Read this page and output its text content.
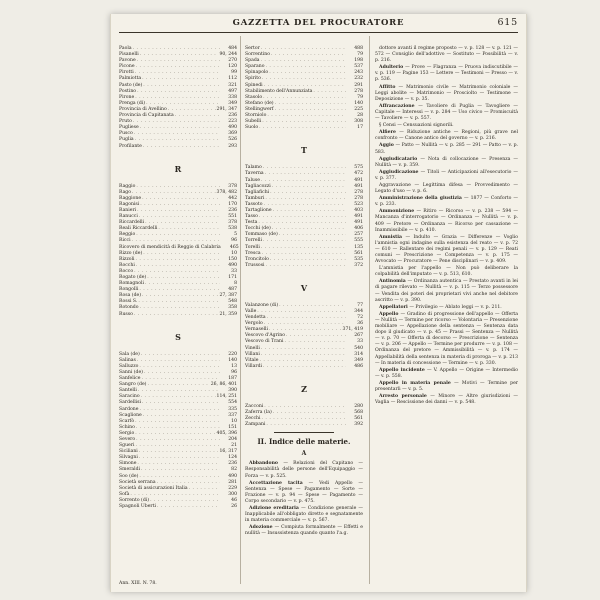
GAZZETTA DEL PROCURATORE	615
Paola . . .	484
Pisanelli . . .	90, 244
Pavone . . .	270
Picone . . .	120
Pirotti . . .	99
Palmiotta . . .	112
Pasto (de) . . .	321
Postino . . .	497
Pirone . . .	338
Prenga (di) . . .	349
Provincia di Avellino . . .	291, 347
Provincia di Capitanata . . .	236
Pruto . . .	223
Pugliese . . .	490
Pusco . . .	369
Puglia . . .	526
Profilante . . .	293
R
Raggio . . .	378
Rago . . .	378, 482
Raggione . . .	442
Ragonisi . . .	170
Ranieri . . .	236
Ranucci . . .	551
Riccardelli . . .	378
Reali Riccardelli . . .	538
Reggio . . .	5
Ricci . . .	96
Ricovero di mendicità di Reggio di Calabria	465
Rizzo (de) . . .	10
Rizzoli . . .	150
Rocchi . . .	490
Rocco . . .	33
Rogato (de) . . .	171
Romagnoli . . .	8
Rongolli . . .	487
Rosa (de) . . .	27, 387
Rossi S. . . .	548
Rotondo . . .	358
Russo . . .	21, 359
S
Sala (de) . . .	220
Salinas . . .	140
Salluzzo . . .	13
Sanni (de) . . .	96
Sanfelice . . .	187
Sangro (de) . . .	26, 86, 401
Santelli . . .	390
Saracino . . .	114, 251
Sardellisi . . .	554
Sardone . . .	335
Scaglione . . .	337
Scarfò . . .	10
Schino . . .	151
Sergio . . .	405, 396
Severo . . .	204
Sgueri . . .	21
Siciliani . . .	16, 317
Silvagni . . .	124
Simone . . .	236
Smeraldi . . .	82
Soo (de) . . .	490
Società serrana . . .	281
Società di assicurazioni Italia . . .	229
Sofà . . .	300
Sorrento (di) . . .	46
Spagnoli Uberti . . .	26
Sertor . . .	488
Sorrentino . . .	79
Spada . . .	198
Sparano . . .	537
Spinapolo . . .	243
Spirito . . .	232
Spinedi . . .	291
Stabilimento dell'Annunziata . . .	278
Stasolo . . .	79
Stefano (de) . . .	140
Stellingwerf . . .	225
Storniolo . . .	28
Subelli . . .	308
Suolo . . .	17
T
Talamo . . .	575
Taverna . . .	472
Taluse . . .	491
Tagliacozzi . . .	491
Tagliafichi . . .	278
Tamburi . . .	278
Tassoto . . .	523
Tartaglione . . .	403
Tasso . . .	491
Testa . . .	491
Tocchi (de) . . .	406
Tommaso (de) . . .	257
Torrelli . . .	555
Torelli . . .	135
Tresca . . .	561
Troncitolo . . .	535
Trussosi . . .	372
V
Valanzone (di) . . .	77
Valle . . .	344
Vendetta . . .	72
Vergolo . . .	36
Vernaselli . . .	371, 419
Vescovo d'Agrino . . .	267
Vescovo di Trani . . .	33
Vinelli . . .	540
Villani . . .	314
Vitale . . .	349
Villardi . . .	486
Z
Zacconi . . .	280
Zaferra (la) . . .	568
Zecchi . . .	561
Zampani . . .	392
II. Indice delle materie.
A
Abbandono — Relazioni del Capitano — Responsabilità delle persone dell'Equipaggio — Forza — v. p. 525.
Accettazione tacita — Vedi Appello — Sentenza — Spese — Pagamento — Sorte — Frazione — v. p. 94 — Spese — Pagamento — Corpo secondario — v. p. 475.
Adizione ereditaria — Condizione generale — Inapplicabile all'obbligato diretto e segnatamente in materia commerciale — v. p. 567.
Adozione — Compiuta formalmente — Effetti e nullità — Insussistenza quando quanto l'a.g.
dottore avanti il regime proposto — v. p. 128 — v. p. 121 — 572 — Consiglio dell'adottivo — Sostituto — Possibilità — v. p. 216.
Adulterio — Prove — Flagranza — Pruova indiscutibile — v. p. 119 — Pagine 153 — Lettere — Testimoni — Presso — v. p. 536.
Affitto — Matrimonio civile — Matrimonio coloniale — Leggi abolite — Matrimonio — Prosciolto — Testimone — Deposizione — v. p. 35.
Affrancazione — Tavoliere di Puglia — Tavogliere — Capitale — Interessi — v. p. 284 — Uso civico — Promiscuità — Tavoliere — v. p. 557.
§ Censi — Censuazioni signorili.
Alfiere — Riduzione antiche — Regioni, più grave nel confronto — Canone antico del governo — v. p. 216.
Aggio — Patto — Nullità — v. p. 285 — 291 — Patto — v. p. 583.
Aggiudicatario — Nota di collocazione — Presenza — Nullità — v. p. 359.
Aggiudicazione — Titoli — Anticipazioni all'esecutorio — v. p. 377.
Aggravazione — Legittima difesa — Provvedimento — Legato d'uso — v. p. 6.
Amministrazione della giustizia — 1877 — Conforto — v. p. 233.
Ammonizione — Ritiro — Ricorso — v. p. 238 — 594 — Mancanza d'interrogatorio — Ordinanza — Nullità — v. p. 409 — Pretore — Ordinanza — Ricorso per cassazione — Inammissibile — v. p. 410.
Amnistia — Indulto — Grazia — Differenze — Voglio l'amnistia ogni indagine sulla esistenza del reato — v. p. 72 — 610 — Rallentare dei regimi penali — v. p. 129 — Reati comuni — Prescrizione — Competenza — v. p. 175 — Avvocato — Procuratore — Pene disciplinari — v. p. 409.
L'amnistia per l'appello — Non può deliberare la colpabilità dell'imputato — v. p. 513, 610.
Antinomia — Ordinanza autentica — Prestato avanti in lei di pagare rilevato — Nullità — v. p. 115 — Terzo possessore — Vendita dei poteri dei proprietari vivi anche nel debitore ascritto — v. p. 390.
Appellatori — Privilegio — Ablato leggi — v. p. 211.
Appello — Gradino di progressione dell'appello — Offerta — Nullità — Termine per ricorso — Volontaria — Presenzione mobiliare — Appellazione della sentenza — Sentenza data dopo il giudicato — v. p. 45 — Prassi — Sentenza — Nullità — v. p. 70 — Offerta di decorso — Prescrizione — Sentenza — v. p. 206 — Appello — Termine per produrre — v. p. 108 — Ordinanza del pretore — Ammissibilità — v. p. 174 — Appellabilità della sentenza in materia di proroga — v. p. 213 — In materia di concessione — Termine — v. p. 330.
Appello incidente — V. Appello — Origine — Intermedio — v. p. 558.
Appello in materia penale — Motivi — Termine per presentarli — v. p. 5.
Arresto personale — Minore — Altre giurisdizioni — Vaglia — Rescissione dei danni — v. p. 548.
Ann. XIII. N. 78.
